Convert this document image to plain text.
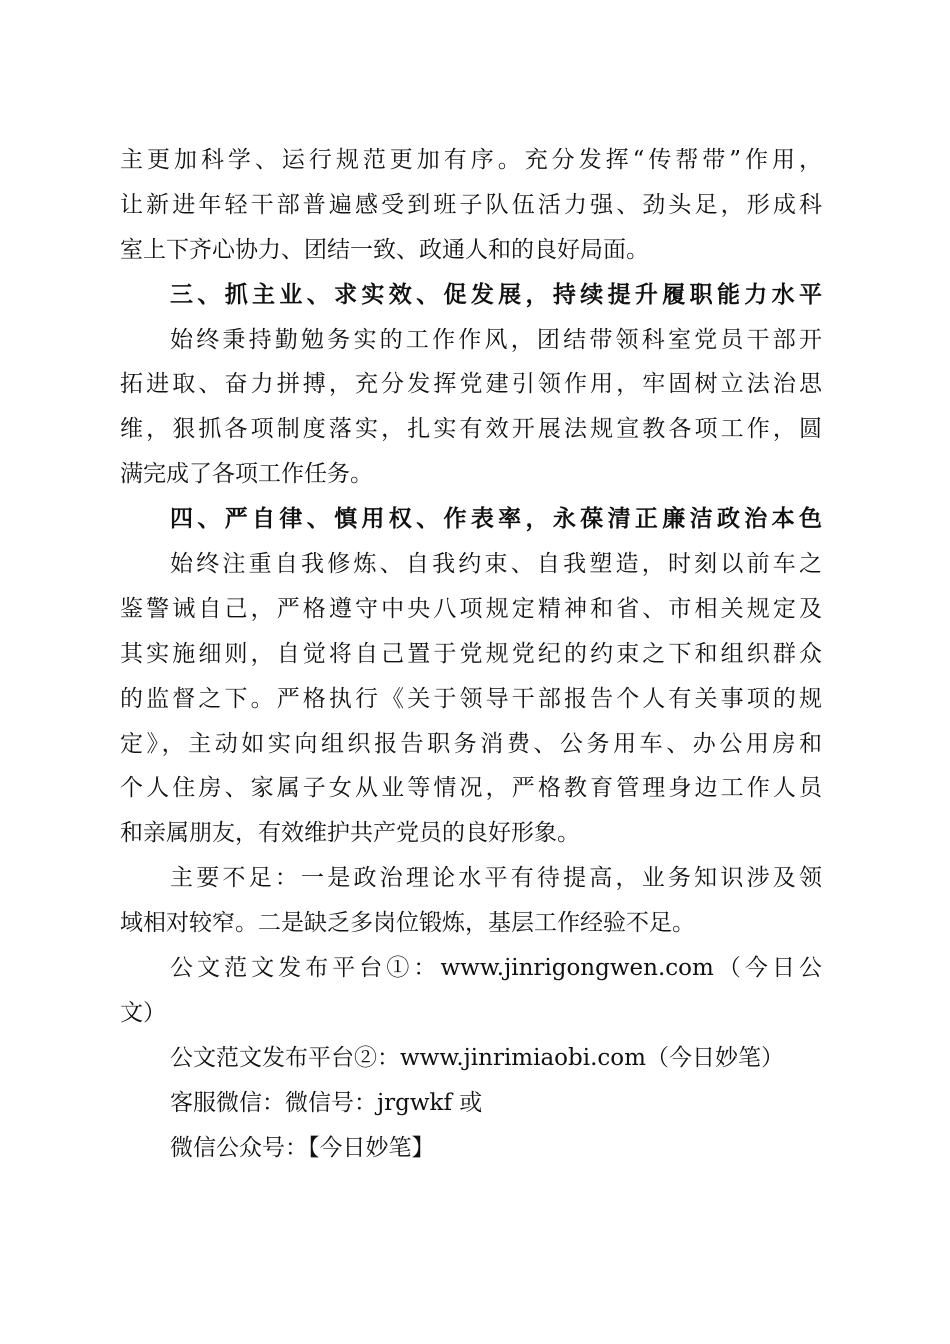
主更加科学、运行规范更加有序。充分发挥“传帮带”作用，
让新进年轻干部普遍感受到班子队伍活力强、劲头足，形成科
室上下齐心协力、团结一致、政通人和的良好局面。
三、抓主业、求实效、促发展，持续提升履职能力水平
始终秉持勤勉务实的工作作风，团结带领科室党员干部开
拓进取、奋力拼搏，充分发挥党建引领作用，牢固树立法治思
维，狠抓各项制度落实，扎实有效开展法规宣教各项工作，圆
满完成了各项工作任务。
四、严自律、慎用权、作表率，永葆清正廉洁政治本色
始终注重自我修炼、自我约束、自我塑造，时刻以前车之
鉴警诫自己，严格遵守中央八项规定精神和省、市相关规定及
其实施细则，自觉将自己置于党规党纪的约束之下和组织群众
的监督之下。严格执行《关于领导干部报告个人有关事项的规
定》，主动如实向组织报告职务消费、公务用车、办公用房和
个人住房、家属子女从业等情况，严格教育管理身边工作人员
和亲属朋友，有效维护共产党员的良好形象。
主要不足：一是政治理论水平有待提高，业务知识涉及领
域相对较窄。二是缺乏多岗位锻炼，基层工作经验不足。
公文范文发布平台①：www.jinrigongwen.com（今日公
文）
公文范文发布平台②：www.jinrimiaobi.com（今日妙笔）
客服微信：微信号：jrgwkf 或
微信公众号：【今日妙笔】
